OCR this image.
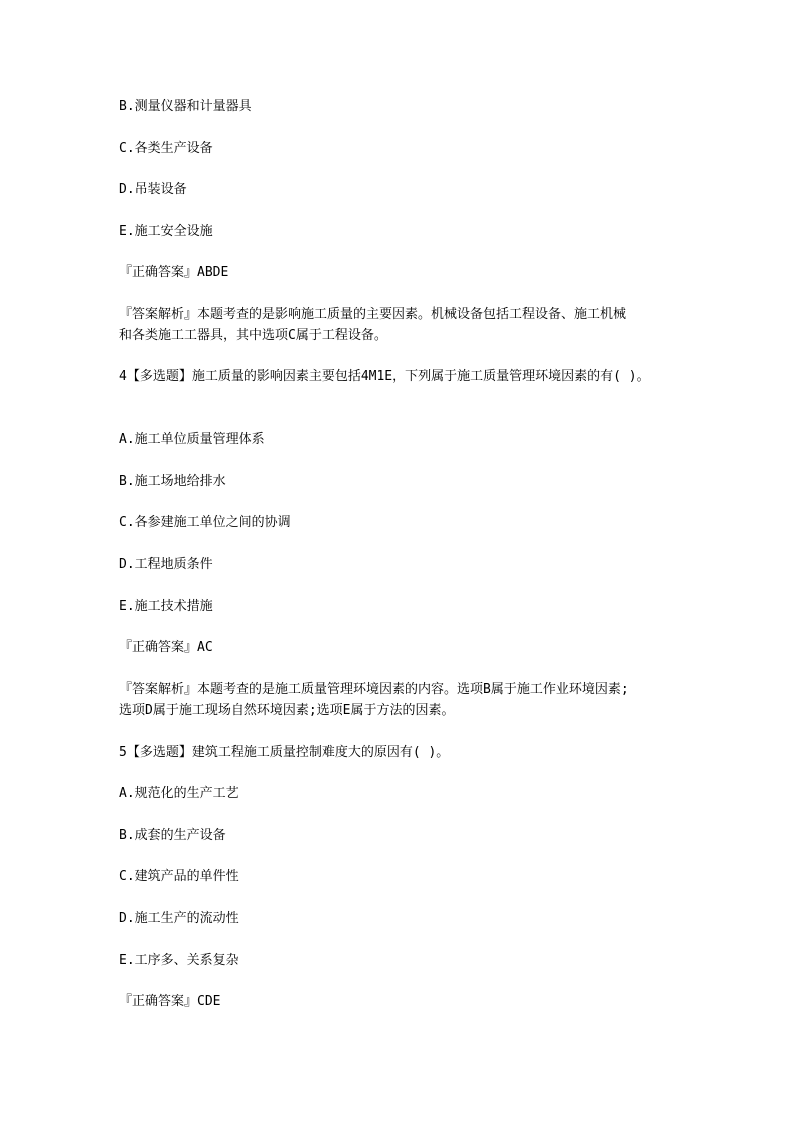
B.测量仪器和计量器具
C.各类生产设备
D.吊装设备
E.施工安全设施
『正确答案』ABDE
『答案解析』本题考查的是影响施工质量的主要因素。机械设备包括工程设备、施工机械
和各类施工工器具，其中选项C属于工程设备。
4【多选题】施工质量的影响因素主要包括4M1E，下列属于施工质量管理环境因素的有( )。
A.施工单位质量管理体系
B.施工场地给排水
C.各参建施工单位之间的协调
D.工程地质条件
E.施工技术措施
『正确答案』AC
『答案解析』本题考查的是施工质量管理环境因素的内容。选项B属于施工作业环境因素;
选项D属于施工现场自然环境因素;选项E属于方法的因素。
5【多选题】建筑工程施工质量控制难度大的原因有( )。
A.规范化的生产工艺
B.成套的生产设备
C.建筑产品的单件性
D.施工生产的流动性
E.工序多、关系复杂
『正确答案』CDE
